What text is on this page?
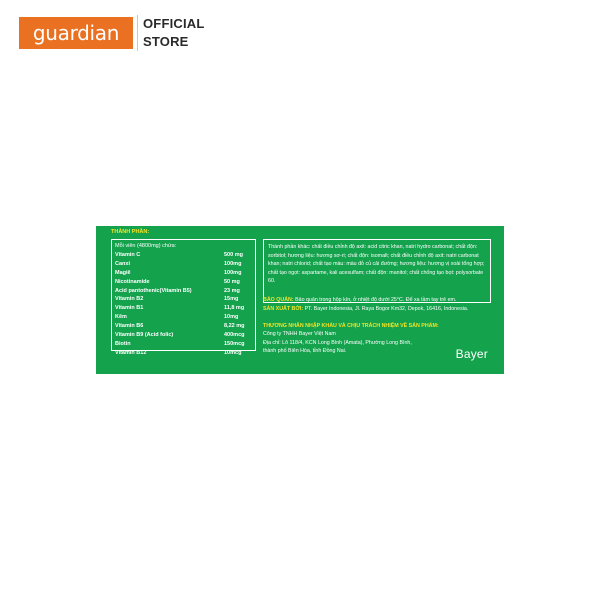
guardian OFFICIAL
STORE
THÀNH PHẦN:
Mỗi viên (4800mg) chứa:
Vitamin C	500 mg
Canxi	100mg
Magiê	100mg
Nicotinamide	50 mg
Acid pantothenic(Vitamin B5)	23 mg
Vitamin B2	15mg
Vitamin B1	11,8 mg
Kẽm	10mg
Vitamin B6	8,22 mg
Vitamin B9 (Acid folic)	400mcg
Biotin	150mcg
Vitamin B12	10mcg
Thành phần khác: chất điều chỉnh độ axit: acid citric khan, natri hydro carbonat; chất độn: sorbitol; hương liệu: hương sơ-ri; chất độn: isomalt; chất điều chỉnh độ axit: natri carbonat khan; natri chlorid; chất tạo màu: màu đỏ củ cải đường; hương liệu: hương vị xoài tổng hợp; chất tạo ngọt: aspartame, kali acesulfam; chất độn: manitol; chất chống tạo bọt: polysorbate 60.
BẢO QUẢN: Bảo quản trong hộp kín, ở nhiệt độ dưới 25°C. Để xa tầm tay trẻ em.
SẢN XUẤT BỞI: PT. Bayer Indonesia, Jl. Raya Bogor Km32, Depok, 16416, Indonesia.
THƯƠNG NHÂN NHẬP KHẨU VÀ CHỊU TRÁCH NHIỆM VỀ SẢN PHẨM:
Công ty TNHH Bayer Việt Nam
Địa chỉ: Lô 118/4, KCN Long Bình (Amata), Phường Long Bình,
thành phố Biên Hòa, tỉnh Đồng Nai.	Bayer
